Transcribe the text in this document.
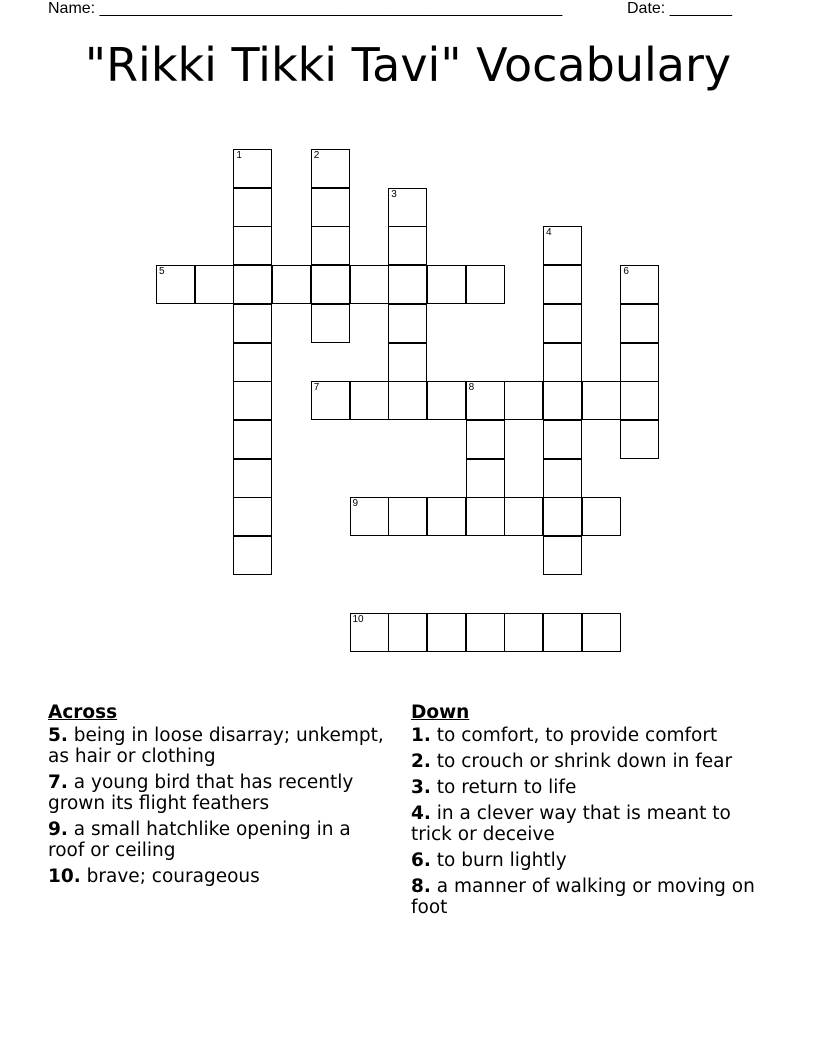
Name: ____________________________________________________	Date: _______
"Rikki Tikki Tavi" Vocabulary
1	2
3
4
5	6
7	8
9
10
Across
5. being in loose disarray; unkempt, as hair or clothing
7. a young bird that has recently grown its flight feathers
9. a small hatchlike opening in a roof or ceiling
10. brave; courageous
Down
1. to comfort, to provide comfort
2. to crouch or shrink down in fear
3. to return to life
4. in a clever way that is meant to trick or deceive
6. to burn lightly
8. a manner of walking or moving on foot
